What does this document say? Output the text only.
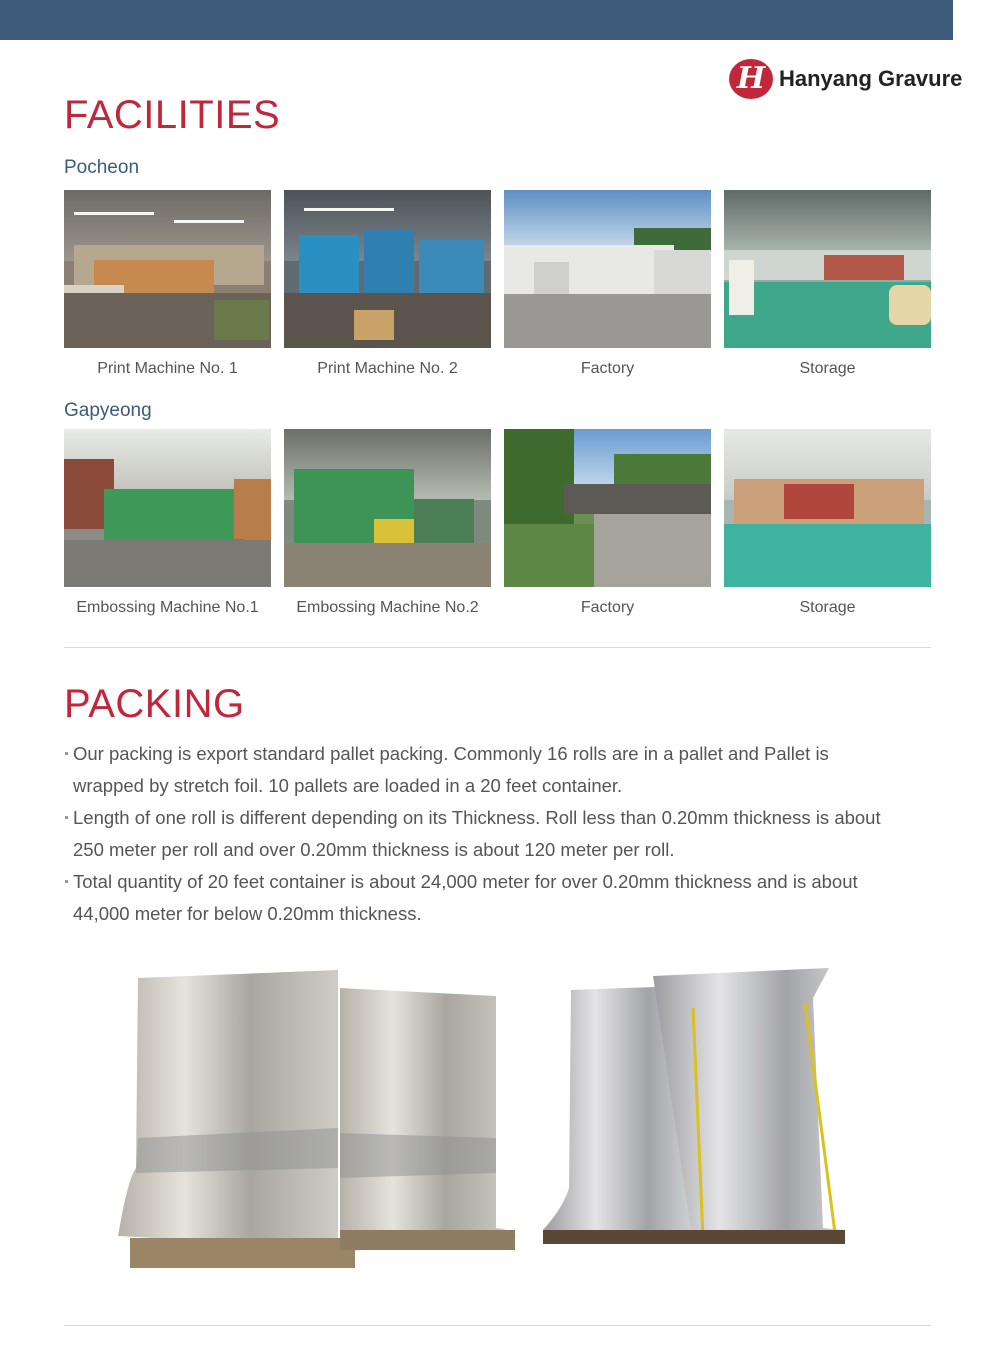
H Hanyang Gravure
FACILITIES
Pocheon
Print Machine No. 1	Print Machine No. 2	Factory	Storage
Gapyeong
Embossing Machine No.1	Embossing Machine No.2	Factory	Storage
PACKING
Our packing is export standard pallet packing. Commonly 16 rolls are in a pallet and Pallet is wrapped by stretch foil. 10 pallets are loaded in a 20 feet container.
Length of one roll is different depending on its Thickness. Roll less than 0.20mm thickness is about 250 meter per roll and over 0.20mm thickness is about 120 meter per roll.
Total quantity of 20 feet container is about 24,000 meter for over 0.20mm thickness and is about 44,000 meter for below 0.20mm thickness.
